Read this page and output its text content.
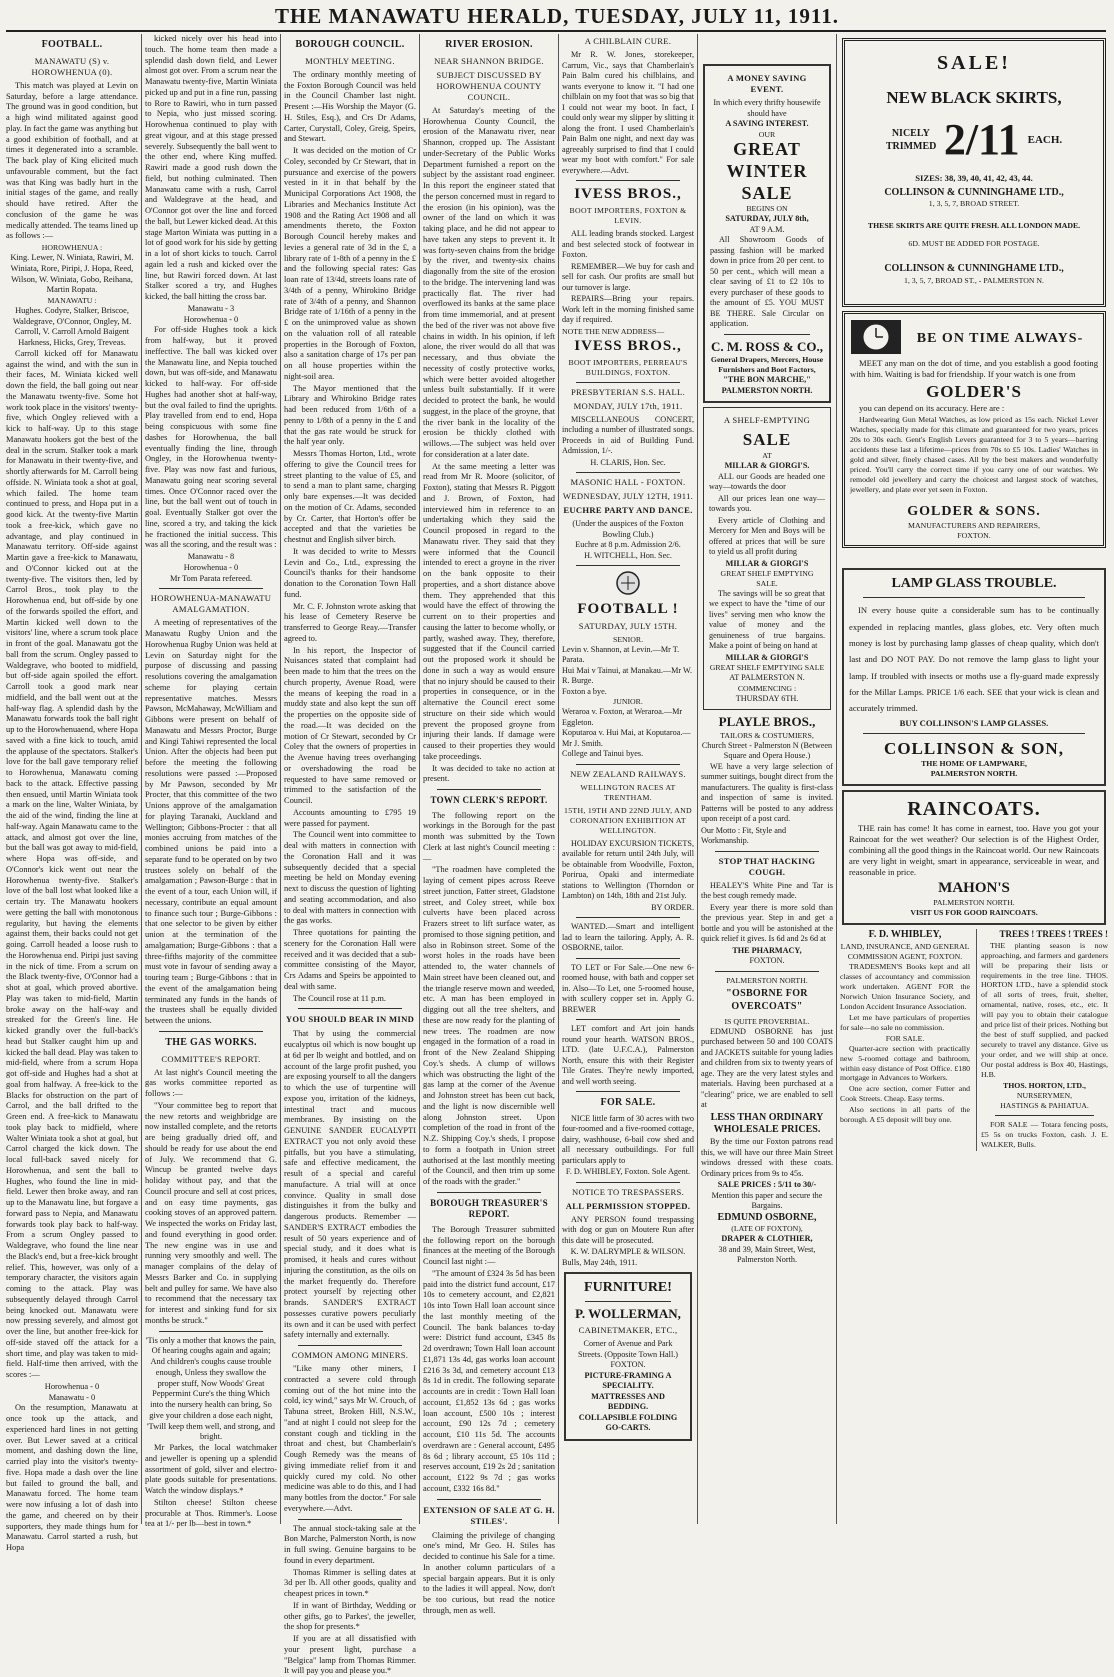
THE MANAWATU HERALD, TUESDAY, JULY 11, 1911.
FOOTBALL.
MANAWATU (S) v. HOROWHENUA (0).

This match was played at Levin on Saturday, before a large attendance. The ground was in good condition, but a high wind militated against good play. In fact the game was anything but a good exhibition of football, and at times it degenerated into a scramble. The back play of King elicited much unfavourable comment, but the fact was that King was badly hurt in the initial stages of the game, and really should have retired. After the conclusion of the game he was medically attended. The teams lined up as follows :—

HOROWHENUA :

King. Lewer, N. Winiata, Rawiri, M. Winiata, Rore, Piripi, J. Hopa, Reed, Wilson, W. Winiata, Gobo, Reihana, Martin Ropata.

MANAWATU :

Hughes. Codyre, Stalker, Briscoe, Waldegrave, O'Connor, Ongley, M. Carroll, V. Carroll Arnold Baigent Harkness, Hicks, Grey, Treveas.

Carroll kicked off for Manawatu against the wind, and with the sun in their faces, M. Winiata kicked well down the field, the ball going out near the Manawatu twenty-five. Some hot work took place in the visitors' twenty-five, which Ongley relieved with a kick to half-way. Up to this stage Manawatu hookers got the best of the deal in the scrum. Stalker took a mark for Manawatu in their twenty-five, and shortly afterwards for M. Carroll being offside. N. Winiata took a shot at goal, which failed. The home team continued to press, and Hopa put in a good kick. At the twenty-five Martin took a free-kick, which gave no advantage, and play continued in Manawatu territory. Off-side against Martin gave a free-kick to Manawatu, and O'Connor kicked out at the twenty-five. The visitors then, led by Carrol Bros., took play to the Horowhenua end, but off-side by one of the forwards spoiled the effort, and Martin kicked well down to the visitors' line, where a scrum took place in front of the goal. Manawatu got the ball from the scrum. Ongley passed to Waldegrave, who booted to midfield, but off-side again spoiled the effort. Carroll took a good mark near midfield, and the ball went out at the half-way flag. A splendid dash by the Manawatu forwards took the ball right up to the Horowhenuaend, where Hopa saved with a fine kick to touch, amid the applause of the spectators. Stalker's love for the ball gave temporary relief to Horowhenua, Manawatu coming back to the attack. Effective passing then ensued, until Martin Winiata took a mark on the line, Walter Winiata, by the aid of the wind, finding the line at half-way. Again Manawatu came to the attack, and almost got over the line, but the ball was got away to mid-field, where Hopa was off-side, and O'Connor's kick went out near the Horowhenua twenty-five. Stalker's love of the ball lost what looked like a certain try. The Manawatu hookers were getting the ball with monotonous regularity, but having the elements against them, their backs could not get going. Carroll headed a loose rush to the Horowhenua end. Piripi just saving in the nick of time. From a scrum on the Black twenty-five, O'Connor had a shot at goal, which proved abortive. Play was taken to mid-field, Martin broke away on the half-way and streaked for the Green's line. He kicked grandly over the full-back's head but Stalker caught him up and kicked the ball dead. Play was taken to mid-field, where from a scrum Hopa got off-side and Hughes had a shot at goal from halfway. A free-kick to the Blacks for obstruction on the part of Carrol, and the ball drifted to the Green end. A free-kick to Manawatu took play back to midfield, where Walter Winiata took a shot at goal, but Carrol charged the kick down. The local full-back saved nicely for Horowhenua, and sent the ball to Hughes, who found the line in mid-field. Lewer then broke away, and ran up to the Manawatu line, but forgave a forward pass to Nepia, and Manawatu forwards took play back to half-way. From a scrum Ongley passed to Waldegrave, who found the line near the Black's end, but a free-kick brought relief. This, however, was only of a temporary character, the visitors again coming to the attack. Play was subsequently delayed through Carrol being knocked out. Manawatu were now pressing severely, and almost got over the line, but another free-kick for off-side staved off the attack for a short time, and play was taken to mid-field. Half-time then arrived, with the scores :—

Horowhenua - 0

Manawatu - 0

On the resumption, Manawatu at once took up the attack, and experienced hard lines in not getting over. But Lewer saved at a critical moment, and dashing down the line, carried play into the visitor's twenty-five. Hopa made a dash over the line but failed to ground the ball, and Manawatu forced. The home team were now infusing a lot of dash into the game, and cheered on by their supporters, they made things hum for Manawatu. Carrol started a rush, but Hopa

kicked nicely over his head into touch. The home team then made a splendid dash down field, and Lewer almost got over. From a scrum near the Manawatu twenty-five, Martin Winiata picked up and put in a fine run, passing to Rore to Rawiri, who in turn passed to Nepia, who just missed scoring. Horowhenua continued to play with great vigour, and at this stage pressed severely. Subsequently the ball went to the other end, where King muffed. Rawiri made a good rush down the field, but nothing culminated. Then Manawatu came with a rush, Carrol and Waldegrave at the head, and O'Connor got over the line and forced the ball, but Lewer kicked dead. At this stage Marton Winiata was putting in a lot of good work for his side by getting in a lot of short kicks to touch. Carrol again led a rush and kicked over the line, but Rawiri forced down. At last Stalker scored a try, and Hughes kicked, the ball hitting the cross bar.

Manawatu - 3

Horowhenua - 0

For off-side Hughes took a kick from half-way, but it proved ineffective. The ball was kicked over the Manawatu line, and Nepia touched down, but was off-side, and Manawatu kicked to half-way. For off-side Hughes had another shot at half-way, but the oval failed to find the uprights. Play travelled from end to end, Hopa being conspicuous with some fine dashes for Horowhenua, the ball eventually finding the line, through Ongley, in the Horowhenua twenty-five. Play was now fast and furious, Manawatu going near scoring several times. Once O'Connor raced over the line, but the ball went out of touch in goal. Eventually Stalker got over the line, scored a try, and taking the kick he fractioned the initial success. This was all the scoring, and the result was :

Manawatu - 8

Horowhenua - 0

Mr Tom Parata refereed.

HOROWHENUA-MANAWATU AMALGAMATION.

A meeting of representatives of the Manawatu Rugby Union and the Horowhenua Rugby Union was held at Levin on Saturday night for the purpose of discussing and passing resolutions covering the amalgamation scheme for playing certain representative matches. Messrs Pawson, McMahaway, McWilliam and Gibbons were present on behalf of Manawatu and Messrs Proctor, Burge and Kingi Tahiwi represented the local Union. After the objects had been put before the meeting the following resolutions were passed :—Proposed by Mr Pawson, seconded by Mr Procter, that this committee of the two Unions approve of the amalgamation for playing Taranaki, Auckland and Wellington; Gibbons-Procter : that all monies accruing from matches of the combined unions be paid into a separate fund to be operated on by two trustees solely on behalf of the amalgamation ; Pawson-Burge : that in the event of a tour, each Union will, if necessary, contribute an equal amount to finance such tour ; Burge-Gibbons : that one selector to be given by either union at the termination of the amalgamation; Burge-Gibbons : that a three-fifths majority of the committee must vote in favour of sending away a touring team ; Burge-Gibbons : that in the event of the amalgamation being terminated any funds in the hands of the trustees shall be equally divided between the unions.

THE GAS WORKS.
COMMITTEE'S REPORT.

At last night's Council meeting the gas works committee reported as follows :—

"Your committee beg to report that the new retorts and weighbridge are now installed complete, and the retorts are being gradually dried off, and should be ready for use about the end of July. We recommend that G. Wincup be granted twelve days holiday without pay, and that the Council procure and sell at cost prices, and on easy time payments, gas cooking stoves of an approved pattern. We inspected the works on Friday last, and found everything in good order. The new engine was in use and running very smoothly and well. The manager complains of the delay of Messrs Barker and Co. in supplying belt and pulley for same. We have also to recommend that the necessary tax for interest and sinking fund for six months be struck."

'Tis only a mother that knows the pain, Of hearing coughs again and again; And children's coughs cause trouble enough, Unless they swallow the proper stuff, Now Woods' Great Peppermint Cure's the thing Which into the nursery health can bring, So give your children a dose each night, 'Twill keep them well, and strong, and bright.

Mr Parkes, the local watchmaker and jeweller is opening up a splendid assortment of gold, silver and electro-plate goods suitable for presentations. Watch the window displays.*

Stilton cheese! Stilton cheese procurable at Thos. Rimmer's. Loose tea at 1/- per lb—best in town.*

BOROUGH COUNCIL.
MONTHLY MEETING.

The ordinary monthly meeting of the Foxton Borough Council was held in the Council Chamber last night. Present :—His Worship the Mayor (G. H. Stiles, Esq.), and Crs Dr Adams, Carter, Curystall, Coley, Greig, Speirs, and Stewart.

It was decided on the motion of Cr Coley, seconded by Cr Stewart, that in pursuance and exercise of the powers vested in it in that behalf by the Municipal Corporations Act 1908, the Libraries and Mechanics Institute Act 1908 and the Rating Act 1908 and all amendments thereto, the Foxton Borough Council hereby makes and levies a general rate of 3d in the £, a library rate of 1-8th of a penny in the £ and the following special rates: Gas loan rate of 13/4d, streets loans rate of 3/4th of a penny, Whirokino Bridge rate of 3/4th of a penny, and Shannon Bridge rate of 1/16th of a penny in the £ on the unimproved value as shown on the valuation roll of all rateable properties in the Borough of Foxton, also a sanitation charge of 17s per pan on all house properties within the night-soil area.

The Mayor mentioned that the Library and Whirokino Bridge rates had been reduced from 1/6th of a penny to 1/8th of a penny in the £ and that the gas rate would be struck for the half year only.

Messrs Thomas Horton, Ltd., wrote offering to give the Council trees for street planting to the value of £5, and to send a man to plant same, charging only bare expenses.—It was decided on the motion of Cr. Adams, seconded by Cr. Carter, that Horton's offer be accepted and that the varieties be chestnut and English silver birch.

It was decided to write to Messrs Levin and Co., Ltd., expressing the Council's thanks for their handsome donation to the Coronation Town Hall fund.

Mr. C. F. Johnston wrote asking that his lease of Cemetery Reserve be transferred to George Reay.—Transfer agreed to.

In his report, the Inspector of Nuisances stated that complaint had been made to him that the trees on the church property, Avenue Road, were the means of keeping the road in a muddy state and also kept the sun off the properties on the opposite side of the road.—It was decided on the motion of Cr Stewart, seconded by Cr Coley that the owners of properties in the Avenue having trees overhanging or overshadowing the road be requested to have same removed or trimmed to the satisfaction of the Council.

Accounts amounting to £795 19 were passed for payment.

The Council went into committee to deal with matters in connection with the Coronation Hall and it was subsequently decided that a special meeting be held on Monday evening next to discuss the question of lighting and seating accommodation, and also to deal with matters in connection with the gas works.

Three quotations for painting the scenery for the Coronation Hall were received and it was decided that a sub-committee consisting of the Mayor, Crs Adams and Speirs be appointed to deal with same.

The Council rose at 11 p.m.

YOU SHOULD BEAR IN MIND

That by using the commercial eucalyptus oil which is now bought up at 6d per lb weight and bottled, and on account of the large profit pushed, you are exposing yourself to all the dangers to which the use of turpentine will expose you, irritation of the kidneys, intestinal tract and mucous membranes. By insisting on the GENUINE SANDER EUCALYPTI EXTRACT you not only avoid these pitfalls, but you have a stimulating, safe and effective medicament, the result of a special and careful manufacture. A trial will at once convince. Quality in small dose distinguishes it from the bulky and dangerous products. Remember — SANDER'S EXTRACT embodies the result of 50 years experience and of special study, and it does what is promised, it heals and cures without injuring the constitution, as the oils on the market frequently do. Therefore protect yourself by rejecting other brands. SANDER'S EXTRACT possesses curative powers peculiarly its own and it can be used with perfect safety internally and externally.

COMMON AMONG MINERS.

"Like many other miners, I contracted a severe cold through coming out of the hot mine into the cold, icy wind," says Mr W. Crouch, of Tabuna street, Broken Hill, N.S.W., "and at night I could not sleep for the constant cough and tickling in the throat and chest, but Chamberlain's Cough Remedy was the means of giving immediate relief from it and quickly cured my cold. No other medicine was able to do this, and I had many bottles from the doctor." For sale everywhere.—Advt.

The annual stock-taking sale at the Bon Marche, Palmerston North, is now in full swing. Genuine bargains to be found in every department.

Thomas Rimmer is selling dates at 3d per lb. All other goods, quality and cheapest prices in town.*

If in want of Birthday, Wedding or other gifts, go to Parkes', the jeweller, the shop for presents.*

If you are at all dissatisfied with your present light, purchase a "Belgica" lamp from Thomas Rimmer. It will pay you and please you.*

RIVER EROSION.
NEAR SHANNON BRIDGE.
SUBJECT DISCUSSED BY HOROWHENUA COUNTY COUNCIL.

At Saturday's meeting of the Horowhenua County Council, the erosion of the Manawatu river, near Shannon, cropped up. The Assistant under-Secretary of the Public Works Department furnished a report on the subject by the assistant road engineer. In this report the engineer stated that the person concerned must in regard to the erosion (in his opinion), was the owner of the land on which it was taking place, and he did not appear to have taken any steps to prevent it. It was forty-seven chains from the bridge by the river, and twenty-six chains diagonally from the site of the erosion to the bridge. The intervening land was practically flat. The river had overflowed its banks at the same place from time immemorial, and at present the bed of the river was not above five chains in width. In his opinion, if left alone, the river would do all that was necessary, and thus obviate the necessity of costly protective works, which were better avoided altogether unless built substantially. If it were decided to protect the bank, he would suggest, in the place of the groyne, that the river bank in the locality of the erosion be thickly clothed with willows.—The subject was held over for consideration at a later date.

At the same meeting a letter was read from Mr R. Moore (solicitor, of Foxton), stating that Messrs R. Piggott and J. Brown, of Foxton, had interviewed him in reference to an undertaking which they said the Council proposed in regard to the Manawatu river. They said that they were informed that the Council intended to erect a groyne in the river on the bank opposite to their properties, and a short distance above them. They apprehended that this would have the effect of throwing the current on to their properties and causing the latter to become wholly, or partly, washed away. They, therefore, suggested that if the Council carried out the proposed work it should be done in such a way as would ensure that no injury should be caused to their properties in consequence, or in the alternative the Council erect some structure on their side which would prevent the proposed groyne from injuring their lands. If damage were caused to their properties they would take proceedings.

It was decided to take no action at present.

TOWN CLERK'S REPORT.

The following report on the workings in the Borough for the past month was submitted by the Town Clerk at last night's Council meeting :—

"The roadmen have completed the laying of cement pipes across Reeve street junction, Fatter street, Gladstone street, and Coley street, while box culverts have been placed across Frazers street to lift surface water, as promised to those signing petition, and also in Robinson street. Some of the worst holes in the roads have been attended to, the water channels of Main street have been cleaned out, and the triangle reserve mown and weeded, etc. A man has been employed in digging out all the tree shelters, and these are now ready for the planting of new trees. The roadmen are now engaged in the formation of a road in front of the New Zealand Shipping Coy.'s sheds. A clump of willows which was obstructing the light of the gas lamp at the corner of the Avenue and Johnston street has been cut back, and the light is now discernible well along Johnston street. Upon completion of the road in front of the N.Z. Shipping Coy.'s sheds, I propose to form a footpath in Union street authorised at the last monthly meeting of the Council, and then trim up some of the roads with the grader."

BOROUGH TREASURER'S REPORT.

The Borough Treasurer submitted the following report on the borough finances at the meeting of the Borough Council last night :—

"The amount of £324 3s 5d has been paid into the district fund account, £17 10s to cemetery account, and £2,821 10s into Town Hall loan account since the last monthly meeting of the Council. The bank balances to-day were: District fund account, £345 8s 2d overdrawn; Town Hall loan account £1,871 13s 4d, gas works loan account £216 3s 3d, and cemetery account £13 8s 1d in credit. The following separate accounts are in credit : Town Hall loan account, £1,852 13s 6d ; gas works loan account, £500 10s ; interest account, £90 12s 7d ; cemetery account, £10 11s 5d. The accounts overdrawn are : General account, £495 8s 6d ; library account, £5 10s 11d ; reserves account, £19 2s 2d ; sanitation account, £122 9s 7d ; gas works account, £332 16s 8d."

EXTENSION OF SALE AT G. H. STILES'.

Claiming the privilege of changing one's mind, Mr Geo. H. Stiles has decided to continue his Sale for a time. In another column particulars of a special bargain appears. But it is only to the ladies it will appeal. Now, don't be too curious, but read the notice through, men as well.

A CHILBLAIN CURE.

Mr R. W. Jones, storekeeper, Carrum, Vic., says that Chamberlain's Pain Balm cured his chilblains, and wants everyone to know it. "I had one chilblain on my foot that was so big that I could not wear my boot. In fact, I could only wear my slipper by slitting it along the front. I used Chamberlain's Pain Balm one night, and next day was agreeably surprised to find that I could wear my boot with comfort." For sale everywhere.—Advt.

IVESS BROS.,
BOOT IMPORTERS, FOXTON & LEVIN.

ALL leading brands stocked. Largest and best selected stock of footwear in Foxton.

REMEMBER—We buy for cash and sell for cash. Our profits are small but our turnover is large.

REPAIRS—Bring your repairs. Work left in the morning finished same day if required.

NOTE THE NEW ADDRESS—

IVESS BROS.,
BOOT IMPORTERS, PERREAU'S BUILDINGS, FOXTON.
PRESBYTERIAN S.S. HALL.
MONDAY, JULY 17th, 1911.

MISCELLANEOUS CONCERT, including a number of illustrated songs. Proceeds in aid of Building Fund. Admission, 1/-.

H. CLARIS, Hon. Sec.

MASONIC HALL - FOXTON.
WEDNESDAY, JULY 12TH, 1911.
EUCHRE PARTY AND DANCE.

(Under the auspices of the Foxton Bowling Club.)

Euchre at 8 p.m. Admission 2/6.

H. WITCHELL, Hon. Sec.

FOOTBALL !
SATURDAY, JULY 15TH.

SENIOR.

Levin v. Shannon, at Levin.—Mr T. Parata.

Hui Mai v Tainui, at Manakau.—Mr W. R. Burge.

Foxton a bye.

JUNIOR.

Weraroa v. Foxton, at Weraroa.—Mr Eggleton.

Koputaroa v. Hui Mai, at Koputaroa.—Mr J. Smith.

College and Tainui byes.

NEW ZEALAND RAILWAYS.
WELLINGTON RACES AT TRENTHAM.
15TH, 19TH AND 22ND JULY, AND CORONATION EXHIBITION AT WELLINGTON.

HOLIDAY EXCURSION TICKETS, available for return until 24th July, will be obtainable from Woodville, Foxton, Porirua, Opaki and intermediate stations to Wellington (Thorndon or Lambton) on 14th, 18th and 21st July.

BY ORDER.

WANTED.—Smart and intelligent lad to learn the tailoring. Apply, A. R. OSBORNE, tailor.

TO LET or For Sale.—One new 6-roomed house, with bath and copper set in. Also—To Let, one 5-roomed house, with scullery copper set in. Apply G. BREWER

LET comfort and Art join hands round your hearth. WATSON BROS., LTD. (late U.F.C.A.), Palmerston North, ensure this with their Register Tile Grates. They're newly imported, and well worth seeing.

FOR SALE.

NICE little farm of 30 acres with two four-roomed and a five-roomed cottage, dairy, washhouse, 6-bail cow shed and all necessary outbuildings. For full particulars apply to

F. D. WHIBLEY, Foxton. Sole Agent.

NOTICE TO TRESPASSERS.
ALL PERMISSION STOPPED.

ANY PERSON found trespassing with dog or gun on Moutere Run after this date will be prosecuted.

K. W. DALRYMPLE & WILSON.

Bulls, May 24th, 1911.

FURNITURE!
P. WOLLERMAN,
CABINETMAKER, ETC.,

Corner of Avenue and Park Streets. (Opposite Town Hall.) FOXTON.

PICTURE-FRAMING A SPECIALITY.

MATTRESSES AND BEDDING.

COLLAPSIBLE FOLDING GO-CARTS.

A MONEY SAVING EVENT.

In which every thrifty housewife should have

A SAVING INTEREST.

OUR

GREAT WINTER SALE

BEGINS ON

SATURDAY, JULY 8th,

AT 9 A.M.

All Showroom Goods of passing fashion will be marked down in price from 20 per cent. to 50 per cent., which will mean a clear saving of £1 to £2 10s to every purchaser of these goods to the amount of £5. YOU MUST BE THERE. Sale Circular on application.

C. M. ROSS & CO.,

General Drapers, Mercers, House Furnishers and Boot Factors,

"THE BON MARCHE,"

PALMERSTON NORTH.

A SHELF-EMPTYING
SALE

AT

MILLAR & GIORGI'S.

ALL our Goods are headed one way—towards the door

All our prices lean one way—towards you.

Every article of Clothing and Mercery for Men and Boys will be offered at prices that will be sure to yield us all profit during

MILLAR & GIORGI'S

GREAT SHELF EMPTYING SALE.

The savings will be so great that we expect to have the "time of our lives" serving men who know the value of money and the genuineness of true bargains. Make a point of being on hand at

MILLAR & GIORGI'S

GREAT SHELF EMPTYING SALE

AT PALMERSTON N.

COMMENCING :

THURSDAY 6TH.

PLAYLE BROS.,

TAILORS & COSTUMIERS,

Church Street - Palmerston N (Between Square and Opera House.)

WE have a very large selection of summer suitings, bought direct from the manufacturers. The quality is first-class and inspection of same is invited. Patterns will be posted to any address upon receipt of a post card.

Our Motto : Fit, Style and Workmanship.

STOP THAT HACKING COUGH.

HEALEY'S White Pine and Tar is the best cough remedy made.

Every year there is more sold than the previous year. Step in and get a bottle and you will be astonished at the quick relief it gives. Is 6d and 2s 6d at

THE PHARMACY,

FOXTON.

PALMERSTON NORTH.

"OSBORNE FOR OVERCOATS"

IS QUITE PROVERBIAL.

EDMUND OSBORNE has just purchased between 50 and 100 COATS and JACKETS suitable for young ladies and children from six to twenty years of age. They are the very latest styles and materials. Having been purchased at a "clearing" price, we are enabled to sell at

LESS THAN ORDINARY WHOLESALE PRICES.

By the time our Foxton patrons read this, we will have our three Main Street windows dressed with these coats. Ordinary prices from 9s to 45s.

SALE PRICES : 5/11 to 30/-

Mention this paper and secure the Bargains.

EDMUND OSBORNE,

(LATE OF FOXTON),

DRAPER & CLOTHIER,

38 and 39, Main Street, West, Palmerston North.

SALE!
NEW BLACK SKIRTS,
NICELY TRIMMED 2/11 EACH.

SIZES: 38, 39, 40, 41, 42, 43, 44.

COLLINSON & CUNNINGHAME LTD.,

1, 3, 5, 7, BROAD STREET.

THESE SKIRTS ARE QUITE FRESH. ALL LONDON MADE.

6D. MUST BE ADDED FOR POSTAGE.

COLLINSON & CUNNINGHAME LTD.,

1, 3, 5, 7, BROAD ST., - PALMERSTON N.

BE ON TIME ALWAYS-

MEET any man on the dot of time, and you establish a good footing with him. Waiting is bad for friendship. If your watch is one from

GOLDER'S

you can depend on its accuracy. Here are :

Hardwearing Gun Metal Watches, as low priced as 15s each. Nickel Lever Watches, specially made for this climate and guaranteed for two years, prices 20s to 30s each. Gent's English Levers guaranteed for 3 to 5 years—barring accidents these last a lifetime—prices from 70s to £5 10s. Ladies' Watches in gold and silver, finely chased cases. All by the best makers and wonderfully priced. You'll carry the correct time if you carry one of our watches. We remodel old jewellery and carry the choicest and largest stock of watches, jewellery, and plate ever yet seen in Foxton.

GOLDER & SONS.

MANUFACTURERS AND REPAIRERS,

FOXTON.

LAMP GLASS TROUBLE.

IN every house quite a considerable sum has to be continually expended in replacing mantles, glass globes, etc. Very often much money is lost by purchasing lamp glasses of cheap quality, which don't last and DO NOT PAY. Do not remove the lamp glass to light your lamp. If troubled with insects or moths use a fly-guard made expressly for the Millar Lamps. PRICE 1/6 each. SEE that your wick is clean and accurately trimmed.

BUY COLLINSON'S LAMP GLASSES.

COLLINSON & SON,

THE HOME OF LAMPWARE,

PALMERSTON NORTH.

RAINCOATS.

THE rain has come! It has come in earnest, too. Have you got your Raincoat for the wet weather? Our selection is of the Highest Order, combining all the good things in the Raincoat world. Our new Raincoats are very light in weight, smart in appearance, serviceable in wear, and reasonable in price.

MAHON'S

PALMERSTON NORTH.

VISIT US FOR GOOD RAINCOATS.

F. D. WHIBLEY,

LAND, INSURANCE, AND GENERAL COMMISSION AGENT, FOXTON.

TRADESMEN'S Books kept and all classes of accountancy and commission work undertaken. AGENT FOR the Norwich Union Insurance Society, and London Accident Insurance Association.

Let me have particulars of properties for sale—no sale no commission.

FOR SALE.

Quarter-acre section with practically new 5-roomed cottage and bathroom, within easy distance of Post Office. £180 mortgage in Advances to Workers.

One acre section, corner Futter and Cook Streets. Cheap. Easy terms.

Also sections in all parts of the borough. A £5 deposit will buy one.

TREES ! TREES ! TREES !

THE planting season is now approaching, and farmers and gardeners will be preparing their lists or requirements in the tree line. THOS. HORTON LTD., have a splendid stock of all sorts of trees, fruit, shelter, ornamental, native, roses, etc., etc. It will pay you to obtain their catalogue and price list of their prices. Nothing but the best of stuff supplied, and packed securely to travel any distance. Give us your order, and we will ship at once. Our postal address is Box 40, Hastings, H.B.

THOS. HORTON, LTD.,

NURSERYMEN,

HASTINGS & PAHIATUA.

FOR SALE — Totara fencing posts, £5 5s on trucks Foxton, cash. J. E. WALKER, Bulls.
